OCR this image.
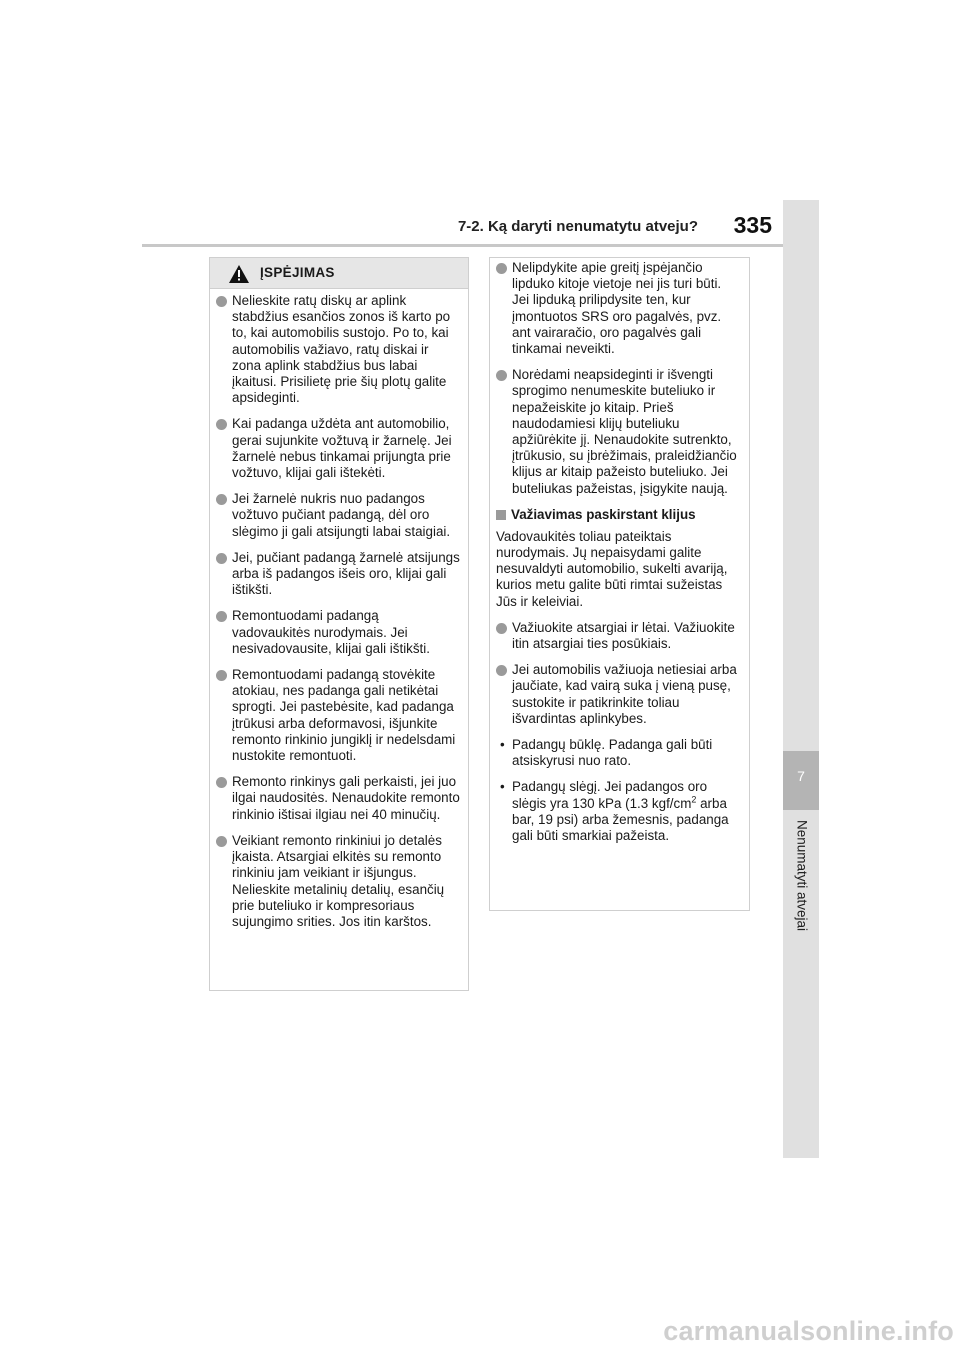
7
Nenumatyti atvejai
7-2. Ką daryti nenumatytu atveju? 335
ĮSPĖJIMAS
Nelieskite ratų diskų ar aplink stabdžius esančios zonos iš karto po to, kai automobilis sustojo. Po to, kai automobilis važiavo, ratų diskai ir zona aplink stabdžius bus labai įkaitusi. Prisilietę prie šių plotų galite apsideginti.
Kai padanga uždėta ant automobilio, gerai sujunkite vožtuvą ir žarnelę. Jei žarnelė nebus tinkamai prijungta prie vožtuvo, klijai gali ištekėti.
Jei žarnelė nukris nuo padangos vožtuvo pučiant padangą, dėl oro slėgimo ji gali atsijungti labai staigiai.
Jei, pučiant padangą žarnelė atsijungs arba iš padangos išeis oro, klijai gali ištikšti.
Remontuodami padangą vadovaukitės nurodymais. Jei nesivadovausite, klijai gali ištikšti.
Remontuodami padangą stovėkite atokiau, nes padanga gali netikėtai sprogti. Jei pastebėsite, kad padanga įtrūkusi arba deformavosi, išjunkite remonto rinkinio jungiklį ir nedelsdami nustokite remontuoti.
Remonto rinkinys gali perkaisti, jei juo ilgai naudositės. Nenaudokite remonto rinkinio ištisai ilgiau nei 40 minučių.
Veikiant remonto rinkiniui jo detalės įkaista. Atsargiai elkitės su remonto rinkiniu jam veikiant ir išjungus. Nelieskite metalinių detalių, esančių prie buteliuko ir kompresoriaus sujungimo srities. Jos itin karštos.
Nelipdykite apie greitį įspėjančio lipduko kitoje vietoje nei jis turi būti. Jei lipduką prilipdysite ten, kur įmontuotos SRS oro pagalvės, pvz. ant vairaračio, oro pagalvės gali tinkamai neveikti.
Norėdami neapsideginti ir išvengti sprogimo nenumeskite buteliuko ir nepažeiskite jo kitaip. Prieš naudodamiesi klijų buteliuku apžiūrėkite jį. Nenaudokite sutrenkto, įtrūkusio, su įbrėžimais, praleidžiančio klijus ar kitaip pažeisto buteliuko. Jei buteliukas pažeistas, įsigykite naują.
Važiavimas paskirstant klijus
Vadovaukitės toliau pateiktais nurodymais. Jų nepaisydami galite nesuvaldyti automobilio, sukelti avariją, kurios metu galite būti rimtai sužeistas Jūs ir keleiviai.
Važiuokite atsargiai ir lėtai. Važiuokite itin atsargiai ties posūkiais.
Jei automobilis važiuoja netiesiai arba jaučiate, kad vairą suka į vieną pusę, sustokite ir patikrinkite toliau išvardintas aplinkybes.
• Padangų būklę. Padanga gali būti atsiskyrusi nuo rato.
• Padangų slėgį. Jei padangos oro slėgis yra 130 kPa (1.3 kgf/$cm^2$ arba bar, 19 psi) arba žemesnis, padanga gali būti smarkiai pažeista.
carmanualsonline.info
